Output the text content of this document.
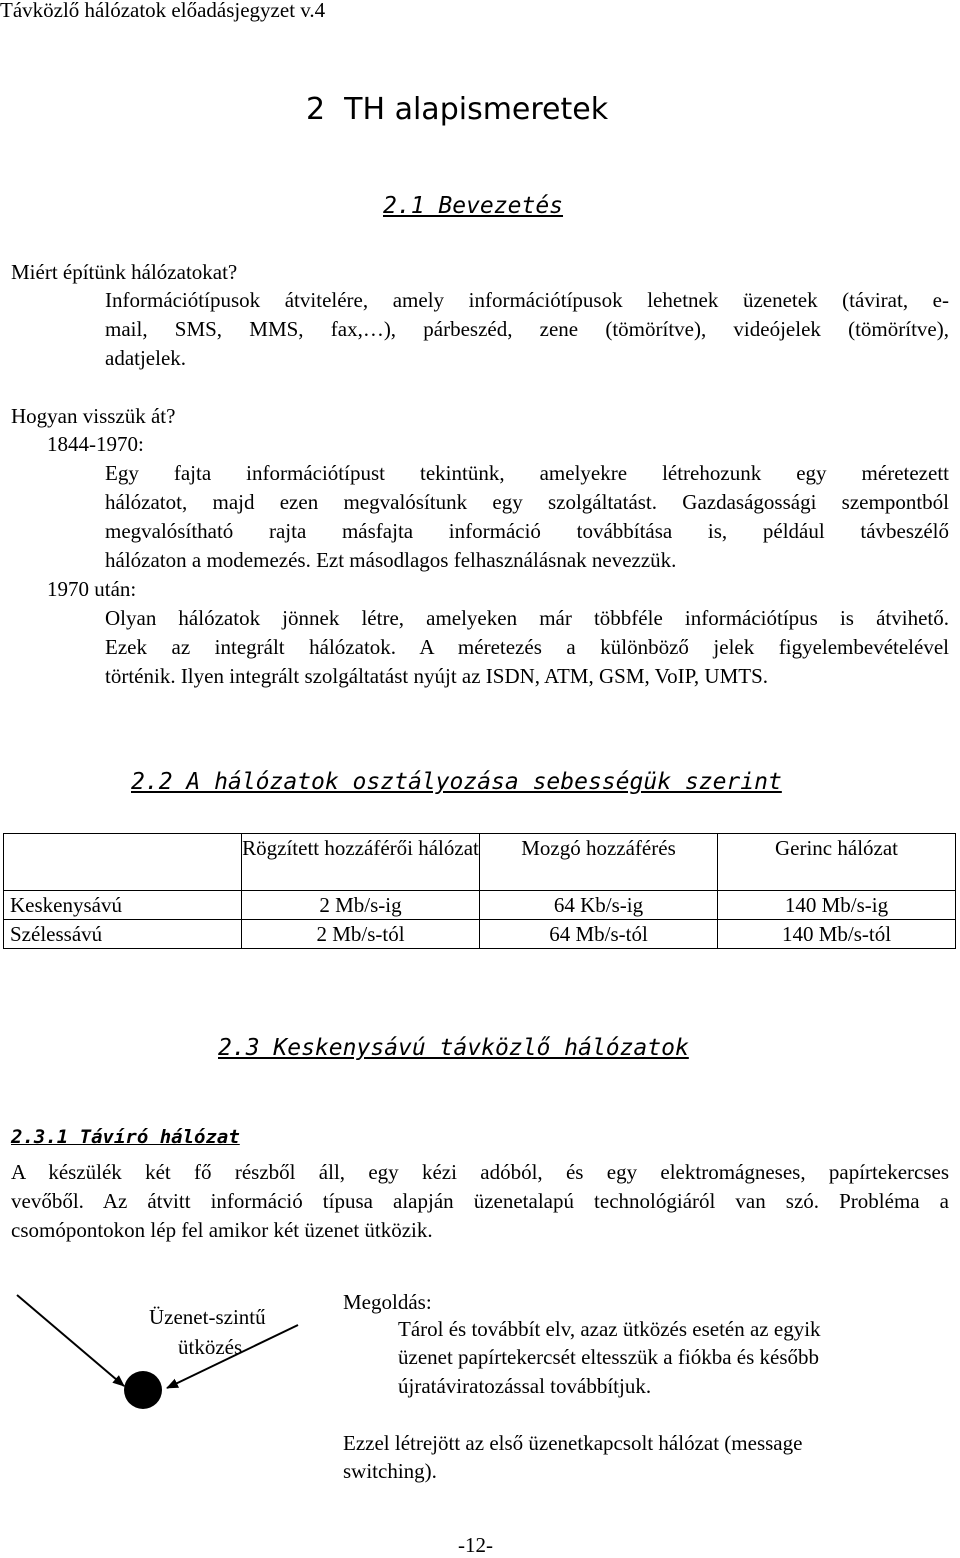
Távközlő hálózatok előadásjegyzet v.4
2 TH alapismeretek
2.1 Bevezetés
Miért építünk hálózatokat?
Információtípusok átvitelére, amely információtípusok lehetnek üzenetek (távirat, e-
mail, SMS, MMS, fax,…), párbeszéd, zene (tömörítve), videójelek (tömörítve),
adatjelek.
Hogyan visszük át?
1844-1970:
Egy fajta információtípust tekintünk, amelyekre létrehozunk egy méretezett
hálózatot, majd ezen megvalósítunk egy szolgáltatást. Gazdaságossági szempontból
megvalósítható rajta másfajta információ továbbítása is, például távbeszélő
hálózaton a modemezés. Ezt másodlagos felhasználásnak nevezzük.
1970 után:
Olyan hálózatok jönnek létre, amelyeken már többféle információtípus is átvihető.
Ezek az integrált hálózatok. A méretezés a különböző jelek figyelembevételével
történik. Ilyen integrált szolgáltatást nyújt az ISDN, ATM, GSM, VoIP, UMTS.
2.2 A hálózatok osztályozása sebességük szerint
	Rögzített hozzáférői hálózat	Mozgó hozzáférés	Gerinc hálózat
Keskenysávú	2 Mb/s-ig	64 Kb/s-ig	140 Mb/s-ig
Szélessávú	2 Mb/s-tól	64 Mb/s-tól	140 Mb/s-tól
2.3 Keskenysávú távközlő hálózatok
2.3.1 Távíró hálózat
A készülék két fő részből áll, egy kézi adóból, és egy elektromágneses, papírtekercses
vevőből. Az átvitt információ típusa alapján üzenetalapú technológiáról van szó. Probléma a
csomópontokon lép fel amikor két üzenet ütközik.
Üzenet-szintű
ütközés
Megoldás:
Tárol és továbbít elv, azaz ütközés esetén az egyik
üzenet papírtekercsét eltesszük a fiókba és később
újratáviratozással továbbítjuk.
Ezzel létrejött az első üzenetkapcsolt hálózat (message
switching).
-12-
